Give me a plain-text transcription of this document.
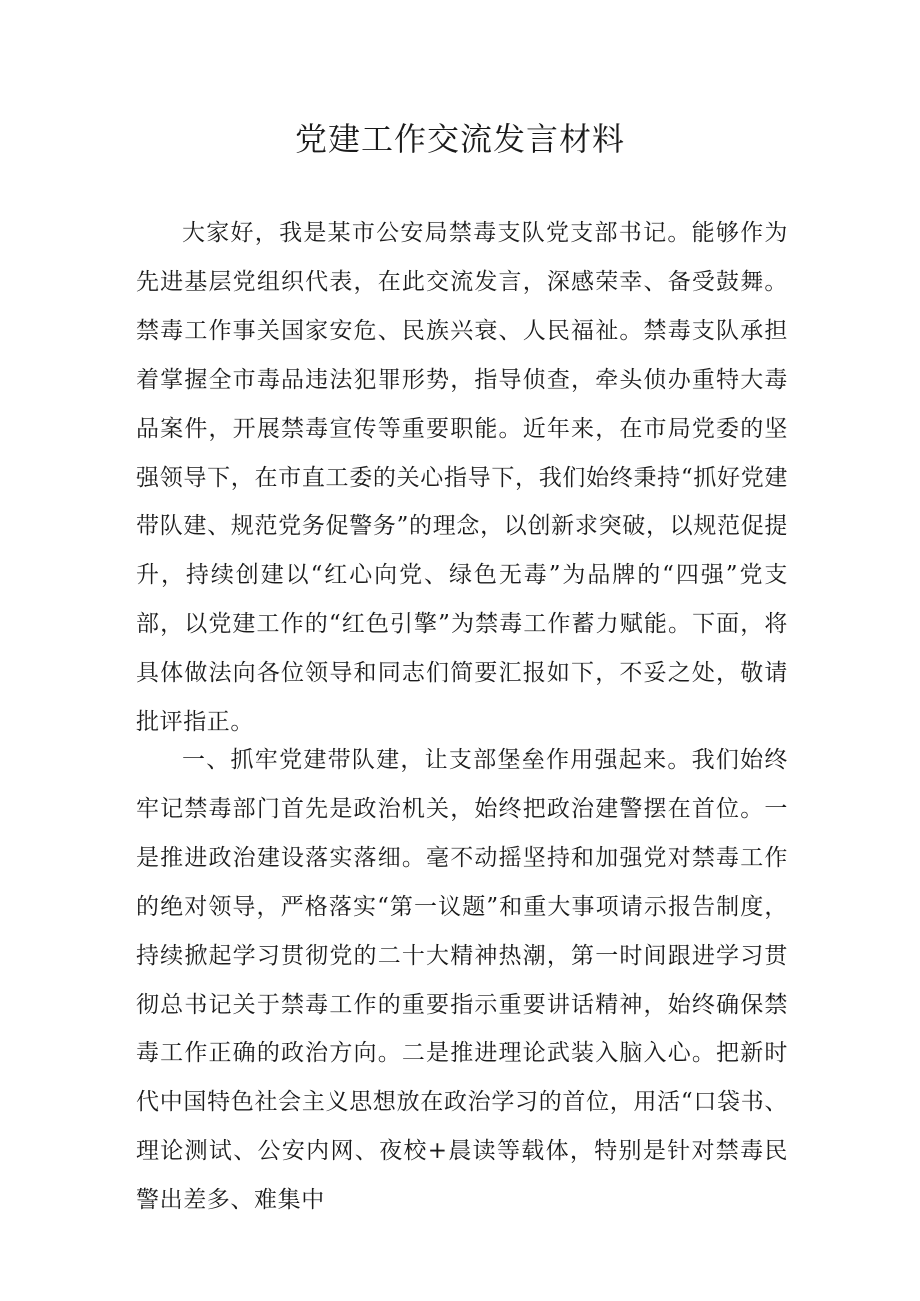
党建工作交流发言材料

大家好，我是某市公安局禁毒支队党支部书记。能够作为先进基层党组织代表，在此交流发言，深感荣幸、备受鼓舞。禁毒工作事关国家安危、民族兴衰、人民福祉。禁毒支队承担着掌握全市毒品违法犯罪形势，指导侦查，牵头侦办重特大毒品案件，开展禁毒宣传等重要职能。近年来，在市局党委的坚强领导下，在市直工委的关心指导下，我们始终秉持“抓好党建带队建、规范党务促警务”的理念，以创新求突破，以规范促提升，持续创建以“红心向党、绿色无毒”为品牌的“四强”党支部，以党建工作的“红色引擎”为禁毒工作蓄力赋能。下面，将具体做法向各位领导和同志们简要汇报如下，不妥之处，敬请批评指正。

一、抓牢党建带队建，让支部堡垒作用强起来。我们始终牢记禁毒部门首先是政治机关，始终把政治建警摆在首位。一是推进政治建设落实落细。毫不动摇坚持和加强党对禁毒工作的绝对领导，严格落实“第一议题”和重大事项请示报告制度，持续掀起学习贯彻党的二十大精神热潮，第一时间跟进学习贯彻总书记关于禁毒工作的重要指示重要讲话精神，始终确保禁毒工作正确的政治方向。二是推进理论武装入脑入心。把新时代中国特色社会主义思想放在政治学习的首位，用活“口袋书、理论测试、公安内网、夜校+晨读等载体，特别是针对禁毒民警出差多、难集中
